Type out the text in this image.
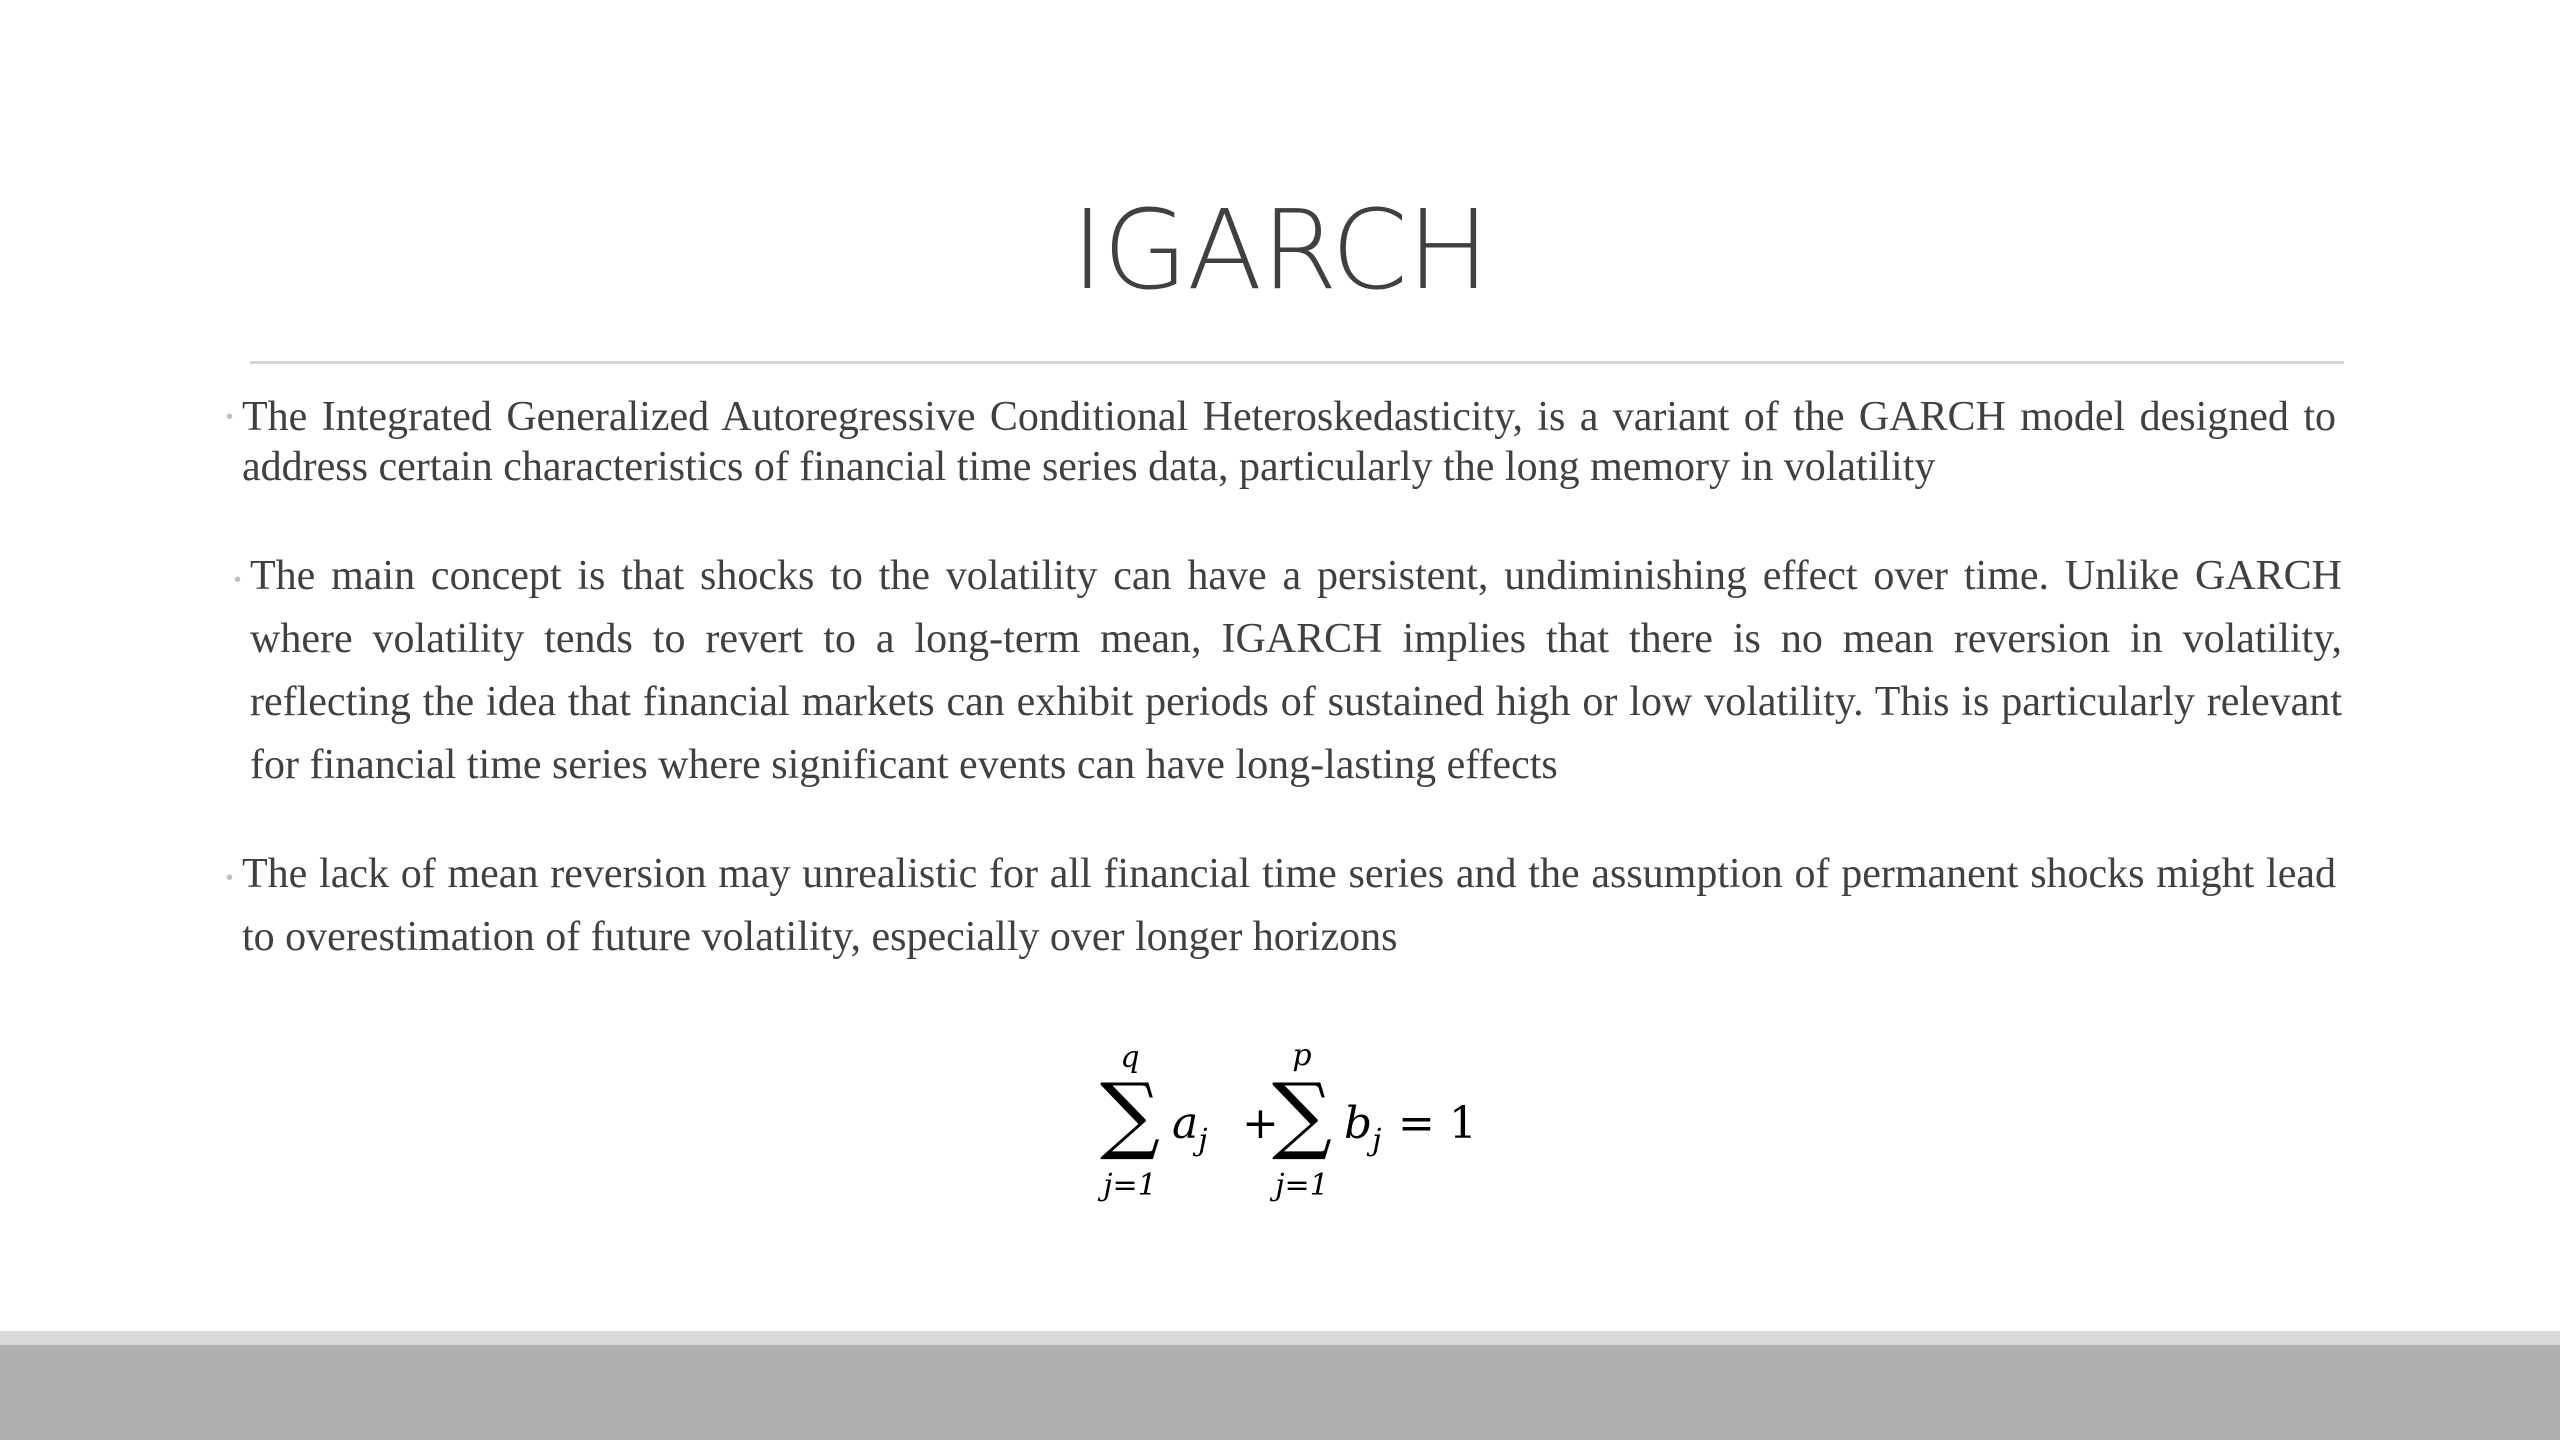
IGARCH
• The Integrated Generalized Autoregressive Conditional Heteroskedasticity, is a variant of the GARCH model designed to address certain characteristics of financial time series data, particularly the long memory in volatility

• The main concept is that shocks to the volatility can have a persistent, undiminishing effect over time. Unlike GARCH where volatility tends to revert to a long-term mean, IGARCH implies that there is no mean reversion in volatility, reflecting the idea that financial markets can exhibit periods of sustained high or low volatility. This is particularly relevant for financial time series where significant events can have long-lasting effects

• The lack of mean reversion may unrealistic for all financial time series and the assumption of permanent shocks might lead to overestimation of future volatility, especially over longer horizons

q
∑
j=1
$a_j$ +
p
∑
j=1
$b_j = 1$
